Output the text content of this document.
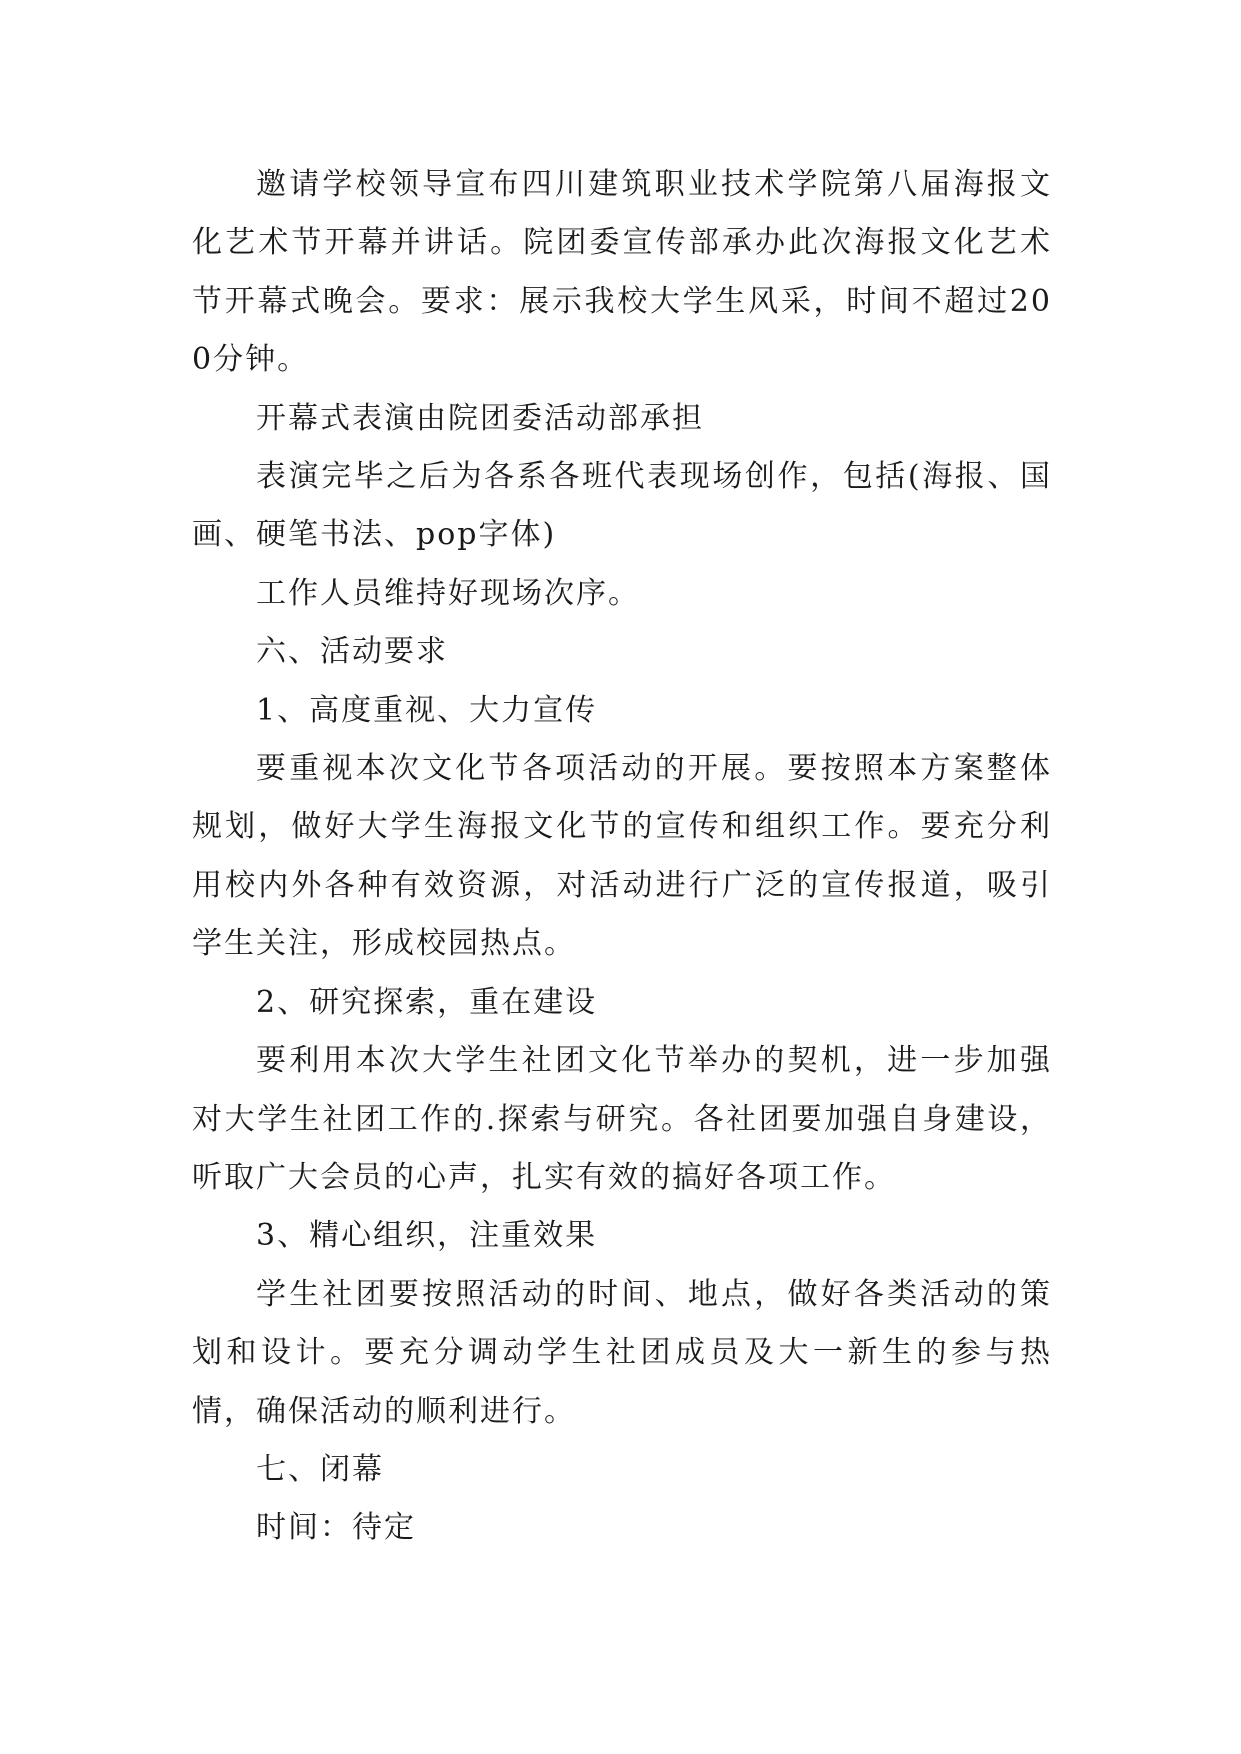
邀请学校领导宣布四川建筑职业技术学院第八届海报文化艺术节开幕并讲话。院团委宣传部承办此次海报文化艺术节开幕式晚会。要求：展示我校大学生风采，时间不超过200分钟。

开幕式表演由院团委活动部承担

表演完毕之后为各系各班代表现场创作，包括(海报、国画、硬笔书法、pop字体)

工作人员维持好现场次序。

六、活动要求

1、高度重视、大力宣传

要重视本次文化节各项活动的开展。要按照本方案整体规划，做好大学生海报文化节的宣传和组织工作。要充分利用校内外各种有效资源，对活动进行广泛的宣传报道，吸引学生关注，形成校园热点。

2、研究探索，重在建设

要利用本次大学生社团文化节举办的契机，进一步加强对大学生社团工作的.探索与研究。各社团要加强自身建设，听取广大会员的心声，扎实有效的搞好各项工作。

3、精心组织，注重效果

学生社团要按照活动的时间、地点，做好各类活动的策划和设计。要充分调动学生社团成员及大一新生的参与热情，确保活动的顺利进行。

七、闭幕

时间：待定
